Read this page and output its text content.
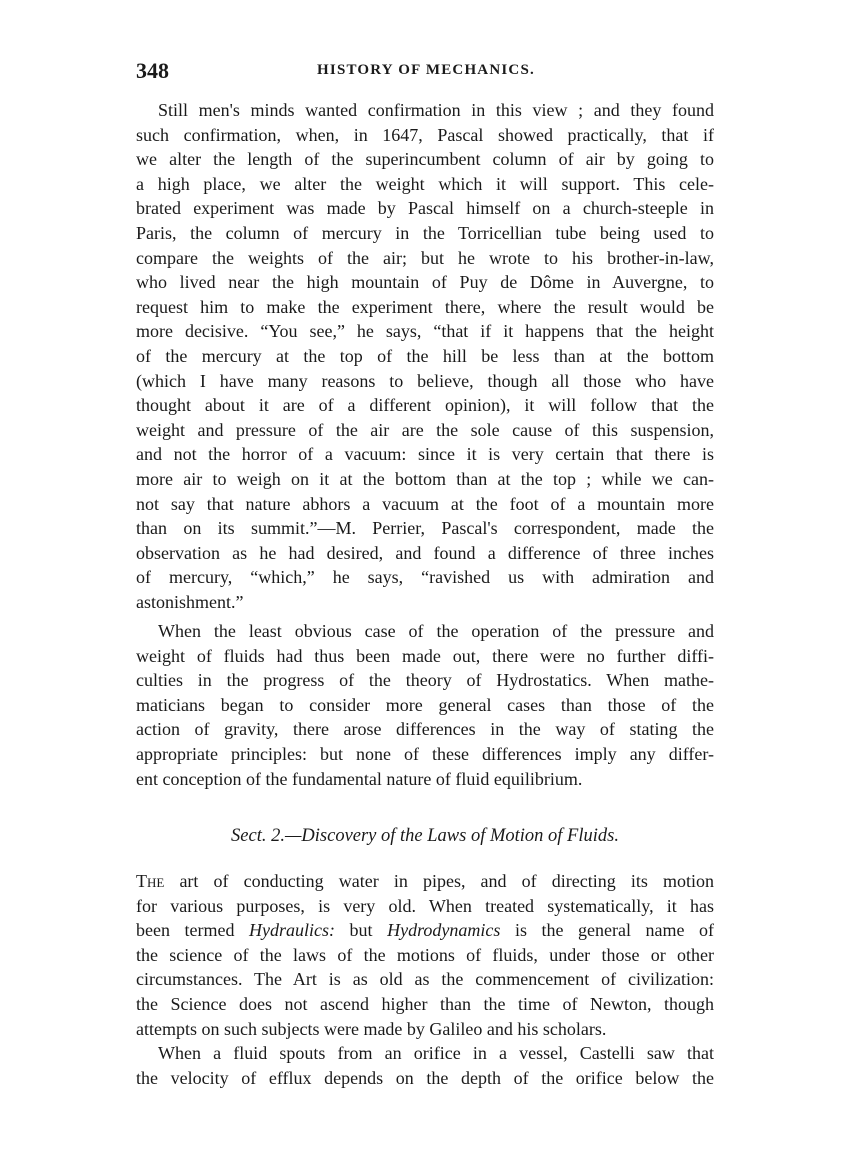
348	HISTORY OF MECHANICS.
Still men's minds wanted confirmation in this view ; and they found
such confirmation, when, in 1647, Pascal showed practically, that if
we alter the length of the superincumbent column of air by going to
a high place, we alter the weight which it will support. This cele-
brated experiment was made by Pascal himself on a church-steeple in
Paris, the column of mercury in the Torricellian tube being used to
compare the weights of the air; but he wrote to his brother-in-law,
who lived near the high mountain of Puy de Dôme in Auvergne, to
request him to make the experiment there, where the result would be
more decisive. “You see,” he says, “that if it happens that the height
of the mercury at the top of the hill be less than at the bottom
(which I have many reasons to believe, though all those who have
thought about it are of a different opinion), it will follow that the
weight and pressure of the air are the sole cause of this suspension,
and not the horror of a vacuum: since it is very certain that there is
more air to weigh on it at the bottom than at the top ; while we can-
not say that nature abhors a vacuum at the foot of a mountain more
than on its summit.”—M. Perrier, Pascal's correspondent, made the
observation as he had desired, and found a difference of three inches
of mercury, “which,” he says, “ravished us with admiration and
astonishment.”
When the least obvious case of the operation of the pressure and
weight of fluids had thus been made out, there were no further diffi-
culties in the progress of the theory of Hydrostatics. When mathe-
maticians began to consider more general cases than those of the
action of gravity, there arose differences in the way of stating the
appropriate principles: but none of these differences imply any differ-
ent conception of the fundamental nature of fluid equilibrium.
Sect. 2.—Discovery of the Laws of Motion of Fluids.
The art of conducting water in pipes, and of directing its motion
for various purposes, is very old. When treated systematically, it has
been termed Hydraulics: but Hydrodynamics is the general name of
the science of the laws of the motions of fluids, under those or other
circumstances. The Art is as old as the commencement of civilization:
the Science does not ascend higher than the time of Newton, though
attempts on such subjects were made by Galileo and his scholars.
When a fluid spouts from an orifice in a vessel, Castelli saw that
the velocity of efflux depends on the depth of the orifice below the
